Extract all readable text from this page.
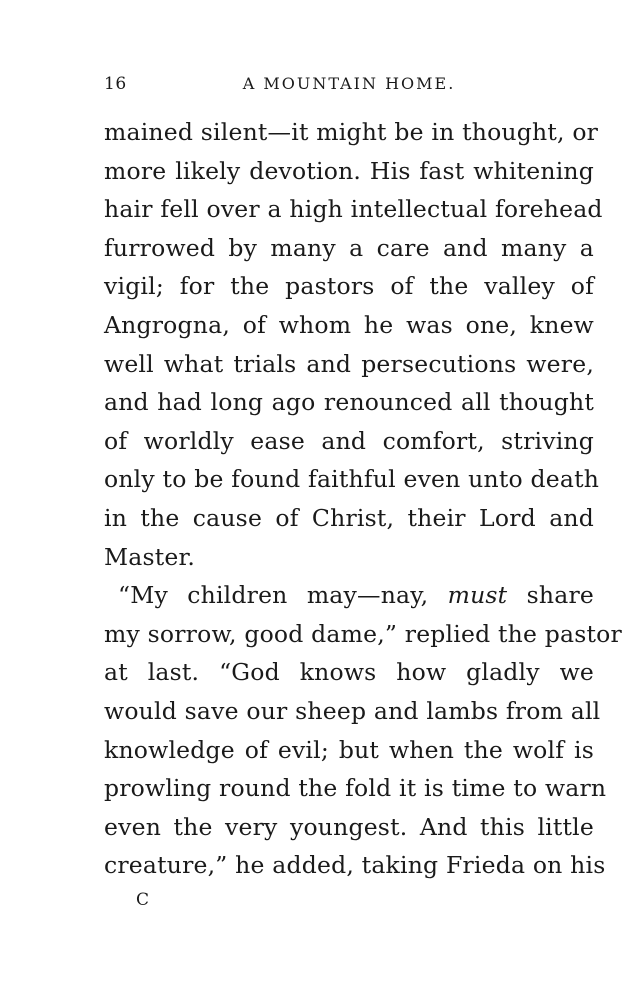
16	A MOUNTAIN HOME.
mained silent—it might be in thought, or
more likely devotion. His fast whitening
hair fell over a high intellectual forehead
furrowed by many a care and many a
vigil; for the pastors of the valley of
Angrogna, of whom he was one, knew
well what trials and persecutions were,
and had long ago renounced all thought
of worldly ease and comfort, striving
only to be found faithful even unto death
in the cause of Christ, their Lord and
Master.
“My children may—nay, must share
my sorrow, good dame,” replied the pastor
at last. “God knows how gladly we
would save our sheep and lambs from all
knowledge of evil; but when the wolf is
prowling round the fold it is time to warn
even the very youngest. And this little
creature,” he added, taking Frieda on his
C
